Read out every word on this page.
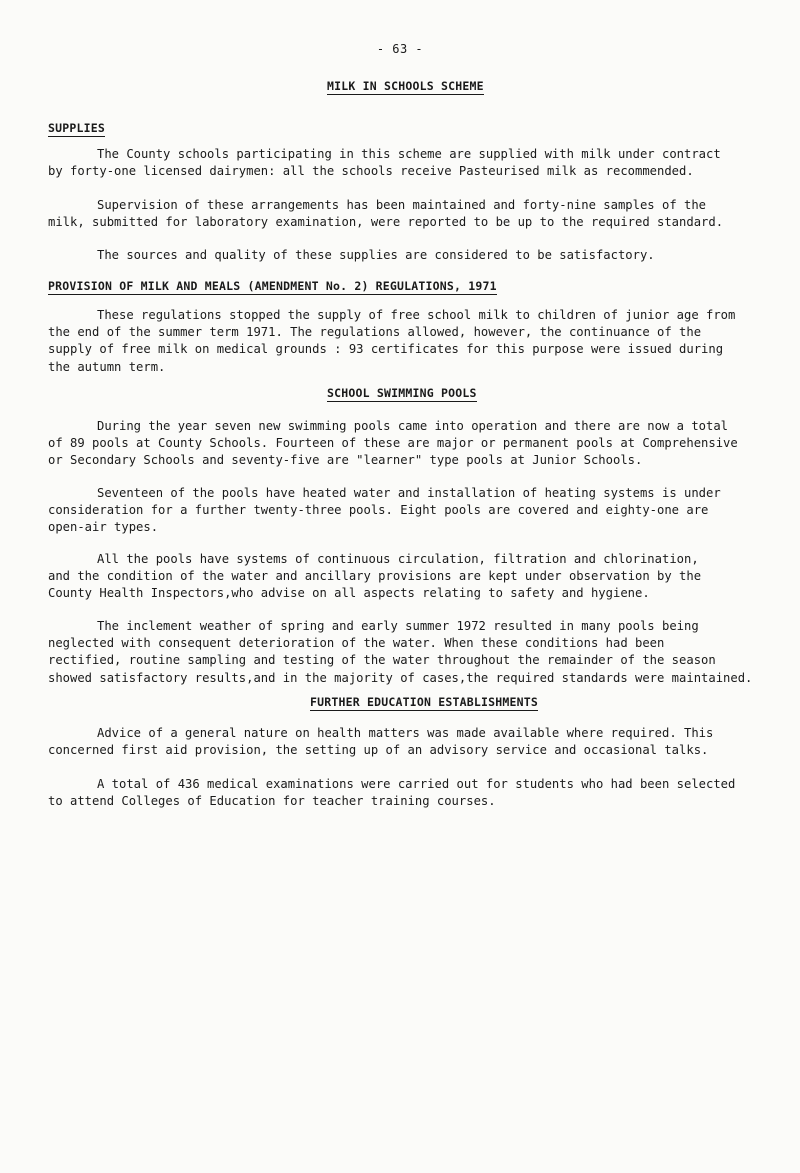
- 63 -
MILK IN SCHOOLS SCHEME
SUPPLIES
The County schools participating in this scheme are supplied with milk under contract
by forty-one licensed dairymen: all the schools receive Pasteurised milk as recommended.
Supervision of these arrangements has been maintained and forty-nine samples of the
milk, submitted for laboratory examination, were reported to be up to the required standard.
The sources and quality of these supplies are considered to be satisfactory.
PROVISION OF MILK AND MEALS (AMENDMENT No. 2) REGULATIONS, 1971
These regulations stopped the supply of free school milk to children of junior age from
the end of the summer term 1971. The regulations allowed, however, the continuance of the
supply of free milk on medical grounds : 93 certificates for this purpose were issued during
the autumn term.
SCHOOL SWIMMING POOLS
During the year seven new swimming pools came into operation and there are now a total
of 89 pools at County Schools. Fourteen of these are major or permanent pools at Comprehensive
or Secondary Schools and seventy-five are "learner" type pools at Junior Schools.
Seventeen of the pools have heated water and installation of heating systems is under
consideration for a further twenty-three pools. Eight pools are covered and eighty-one are
open-air types.
All the pools have systems of continuous circulation, filtration and chlorination,
and the condition of the water and ancillary provisions are kept under observation by the
County Health Inspectors,who advise on all aspects relating to safety and hygiene.
The inclement weather of spring and early summer 1972 resulted in many pools being
neglected with consequent deterioration of the water. When these conditions had been
rectified, routine sampling and testing of the water throughout the remainder of the season
showed satisfactory results,and in the majority of cases,the required standards were maintained.
FURTHER EDUCATION ESTABLISHMENTS
Advice of a general nature on health matters was made available where required. This
concerned first aid provision, the setting up of an advisory service and occasional talks.
A total of 436 medical examinations were carried out for students who had been selected
to attend Colleges of Education for teacher training courses.
